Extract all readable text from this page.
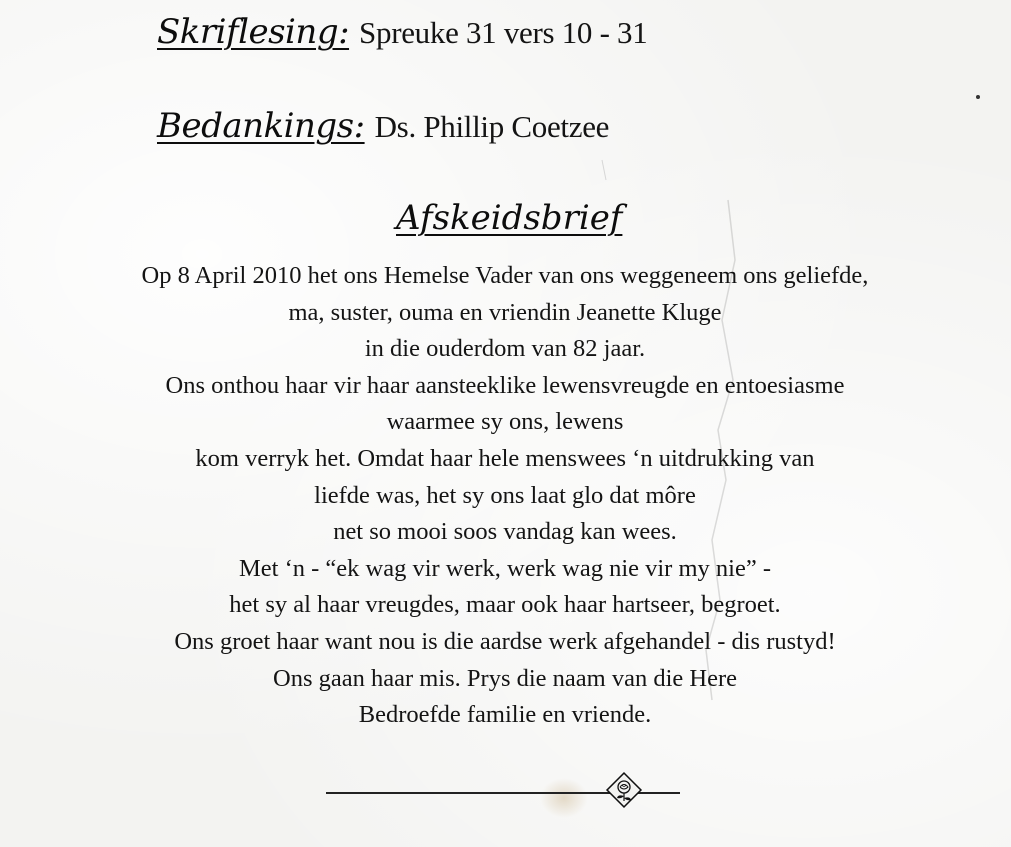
Skriflesing: Spreuke 31 vers 10 - 31
Bedankings: Ds. Phillip Coetzee
Afskeidsbrief
Op 8 April 2010 het ons Hemelse Vader van ons weggeneem ons geliefde,
ma, suster, ouma en vriendin Jeanette Kluge
in die ouderdom van 82 jaar.
Ons onthou haar vir haar aansteeklike lewensvreugde en entoesiasme
waarmee sy ons, lewens
kom verryk het. Omdat haar hele menswees ‘n uitdrukking van
liefde was, het sy ons laat glo dat môre
net so mooi soos vandag kan wees.
Met ‘n - “ek wag vir werk, werk wag nie vir my nie” -
het sy al haar vreugdes, maar ook haar hartseer, begroet.
Ons groet haar want nou is die aardse werk afgehandel - dis rustyd!
Ons gaan haar mis. Prys die naam van die Here
Bedroefde familie en vriende.
